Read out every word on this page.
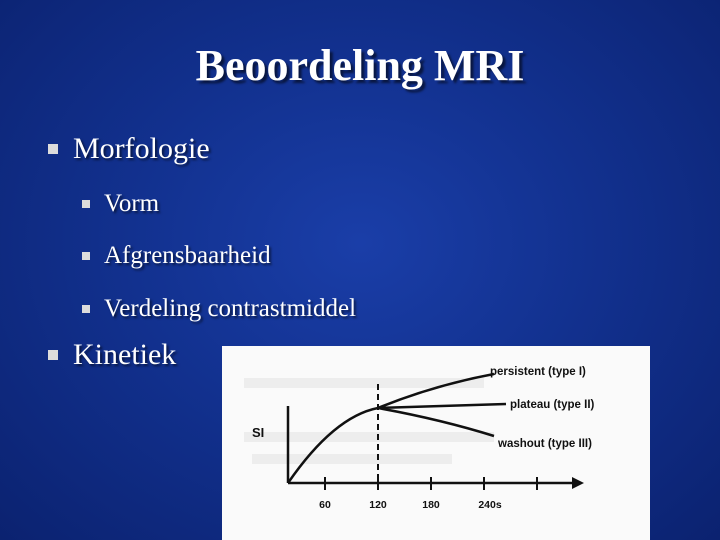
Beoordeling MRI
Morfologie
Vorm
Afgrensbaarheid
Verdeling contrastmiddel
Kinetiek
SI
persistent (type I)
plateau (type II)
washout (type III)
60	120	180	240s
